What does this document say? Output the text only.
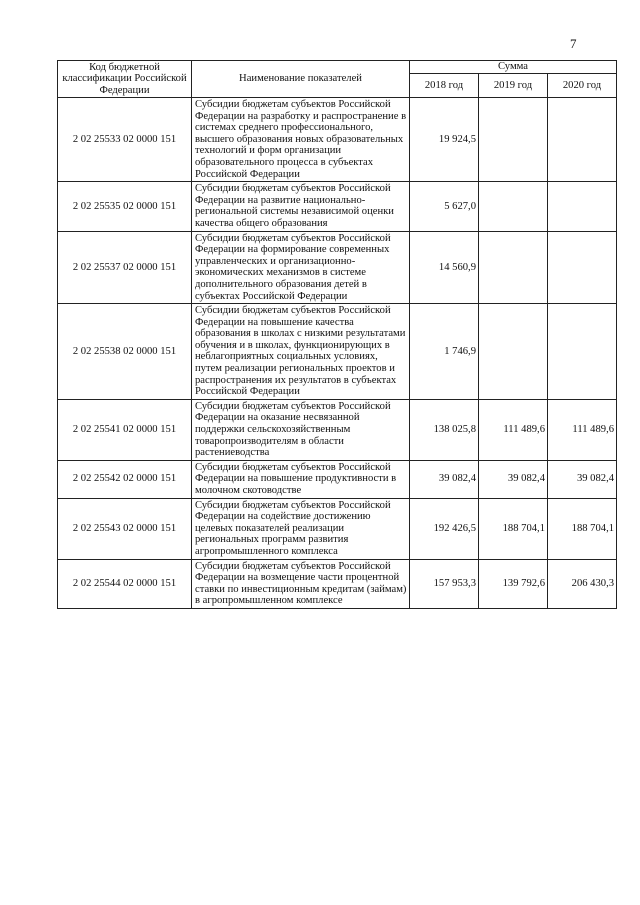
7
Код бюджетной классификации Российской Федерации	Наименование показателей	Сумма		
		2018 год	2019 год	2020 год
2 02 25533 02 0000 151	Субсидии бюджетам субъектов Российской Федерации на разработку и распространение в системах среднего профессионального, высшего образования новых образовательных технологий и форм организации образовательного процесса в субъектах Российской Федерации	19 924,5		
2 02 25535 02 0000 151	Субсидии бюджетам субъектов Российской Федерации на развитие национально-региональной системы независимой оценки качества общего образования	5 627,0		
2 02 25537 02 0000 151	Субсидии бюджетам субъектов Российской Федерации на формирование современных управленческих и организационно-экономических механизмов в системе дополнительного образования детей в субъектах Российской Федерации	14 560,9		
2 02 25538 02 0000 151	Субсидии бюджетам субъектов Российской Федерации на повышение качества образования в школах с низкими результатами обучения и в школах, функционирующих в неблагоприятных социальных условиях, путем реализации региональных проектов и распространения их результатов в субъектах Российской Федерации	1 746,9		
2 02 25541 02 0000 151	Субсидии бюджетам субъектов Российской Федерации на оказание несвязанной поддержки сельскохозяйственным товаропроизводителям в области растениеводства	138 025,8	111 489,6	111 489,6
2 02 25542 02 0000 151	Субсидии бюджетам субъектов Российской Федерации на повышение продуктивности в молочном скотоводстве	39 082,4	39 082,4	39 082,4
2 02 25543 02 0000 151	Субсидии бюджетам субъектов Российской Федерации на содействие достижению целевых показателей реализации региональных программ развития агропромышленного комплекса	192 426,5	188 704,1	188 704,1
2 02 25544 02 0000 151	Субсидии бюджетам субъектов Российской Федерации на возмещение части процентной ставки по инвестиционным кредитам (займам) в агропромышленном комплексе	157 953,3	139 792,6	206 430,3
